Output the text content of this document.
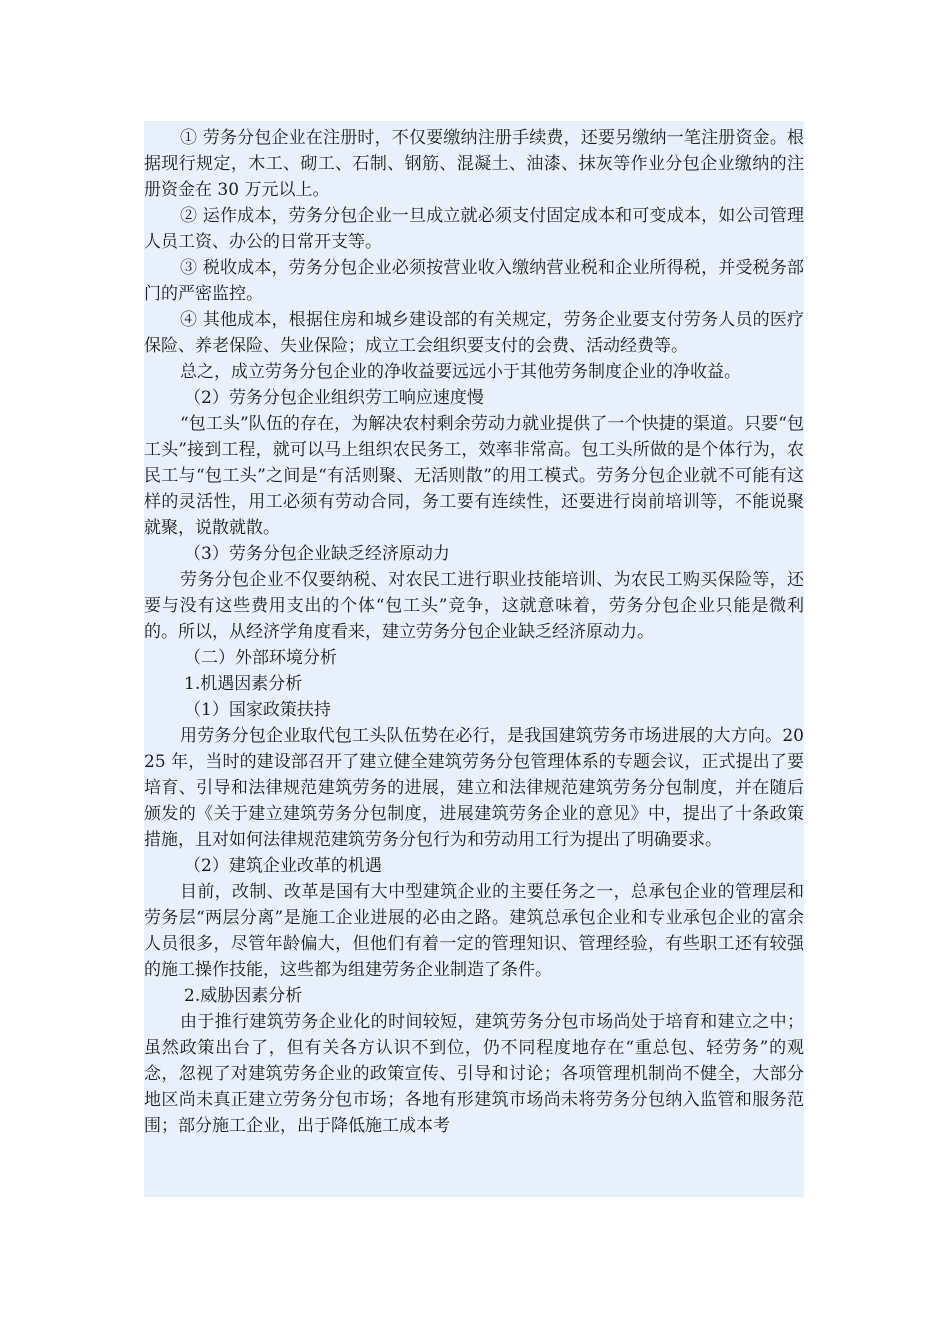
① 劳务分包企业在注册时，不仅要缴纳注册手续费，还要另缴纳一笔注册资金。根据现行规定，木工、砌工、石制、钢筋、混凝土、油漆、抹灰等作业分包企业缴纳的注册资金在 30 万元以上。

② 运作成本，劳务分包企业一旦成立就必须支付固定成本和可变成本，如公司管理人员工资、办公的日常开支等。

③ 税收成本，劳务分包企业必须按营业收入缴纳营业税和企业所得税，并受税务部门的严密监控。

④ 其他成本，根据住房和城乡建设部的有关规定，劳务企业要支付劳务人员的医疗保险、养老保险、失业保险；成立工会组织要支付的会费、活动经费等。

总之，成立劳务分包企业的净收益要远远小于其他劳务制度企业的净收益。

（2）劳务分包企业组织劳工响应速度慢

“包工头”队伍的存在，为解决农村剩余劳动力就业提供了一个快捷的渠道。只要“包工头”接到工程，就可以马上组织农民务工，效率非常高。包工头所做的是个体行为，农民工与“包工头”之间是“有活则聚、无活则散”的用工模式。劳务分包企业就不可能有这样的灵活性，用工必须有劳动合同，务工要有连续性，还要进行岗前培训等，不能说聚就聚，说散就散。

（3）劳务分包企业缺乏经济原动力

劳务分包企业不仅要纳税、对农民工进行职业技能培训、为农民工购买保险等，还要与没有这些费用支出的个体“包工头”竞争，这就意味着，劳务分包企业只能是微利的。所以，从经济学角度看来，建立劳务分包企业缺乏经济原动力。

（二）外部环境分析

1.机遇因素分析

（1）国家政策扶持

用劳务分包企业取代包工头队伍势在必行，是我国建筑劳务市场进展的大方向。2025 年，当时的建设部召开了建立健全建筑劳务分包管理体系的专题会议，正式提出了要培育、引导和法律规范建筑劳务的进展，建立和法律规范建筑劳务分包制度，并在随后颁发的《关于建立建筑劳务分包制度，进展建筑劳务企业的意见》中，提出了十条政策措施，且对如何法律规范建筑劳务分包行为和劳动用工行为提出了明确要求。

（2）建筑企业改革的机遇

目前，改制、改革是国有大中型建筑企业的主要任务之一，总承包企业的管理层和劳务层“两层分离”是施工企业进展的必由之路。建筑总承包企业和专业承包企业的富余人员很多，尽管年龄偏大，但他们有着一定的管理知识、管理经验，有些职工还有较强的施工操作技能，这些都为组建劳务企业制造了条件。

2.威胁因素分析

由于推行建筑劳务企业化的时间较短，建筑劳务分包市场尚处于培育和建立之中；虽然政策出台了，但有关各方认识不到位，仍不同程度地存在“重总包、轻劳务”的观念，忽视了对建筑劳务企业的政策宣传、引导和讨论；各项管理机制尚不健全，大部分地区尚未真正建立劳务分包市场；各地有形建筑市场尚未将劳务分包纳入监管和服务范围；部分施工企业，出于降低施工成本考
